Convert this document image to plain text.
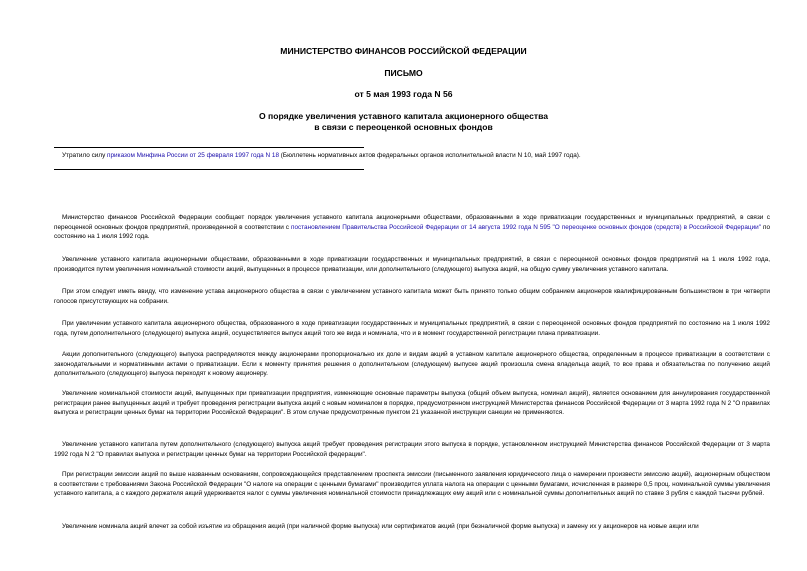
МИНИСТЕРСТВО ФИНАНСОВ РОССИЙСКОЙ ФЕДЕРАЦИИ
ПИСЬМО
от 5 мая 1993 года N 56
О порядке увеличения уставного капитала акционерного общества
в связи с переоценкой основных фондов
Утратило силу приказом Минфина России от 25 февраля 1997 года N 18 (Бюллетень нормативных актов федеральных органов исполнительной власти N 10, май 1997 года).

Министерство финансов Российской Федерации сообщает порядок увеличения уставного капитала акционерными обществами, образованными в ходе приватизации государственных и муниципальных предприятий, в связи с переоценкой основных фондов предприятий, произведенной в соответствии с постановлением Правительства Российской Федерации от 14 августа 1992 года N 595 "О переоценке основных фондов (средств) в Российской Федерации" по состоянию на 1 июля 1992 года.

Увеличение уставного капитала акционерными обществами, образованными в ходе приватизации государственных и муниципальных предприятий, в связи с переоценкой основных фондов предприятий на 1 июля 1992 года, производится путем увеличения номинальной стоимости акций, выпущенных в процессе приватизации, или дополнительного (следующего) выпуска акций, на общую сумму увеличения уставного капитала.

При этом следует иметь ввиду, что изменение устава акционерного общества в связи с увеличением уставного капитала может быть принято только общим собранием акционеров квалифицированным большинством в три четверти голосов присутствующих на собрании.

При увеличении уставного капитала акционерного общества, образованного в ходе приватизации государственных и муниципальных предприятий, в связи с переоценкой основных фондов предприятий по состоянию на 1 июля 1992 года, путем дополнительного (следующего) выпуска акций, осуществляется выпуск акций того же вида и номинала, что и в момент государственной регистрации плана приватизации.

Акции дополнительного (следующего) выпуска распределяются между акционерами пропорционально их доле и видам акций в уставном капитале акционерного общества, определенным в процессе приватизации в соответствии с законодательными и нормативными актами о приватизации. Если к моменту принятия решения о дополнительном (следующем) выпуске акций произошла смена владельца акций, то все права и обязательства по получению акций дополнительного (следующего) выпуска переходят к новому акционеру.

Увеличение номинальной стоимости акций, выпущенных при приватизации предприятия, изменяющие основные параметры выпуска (общий объем выпуска, номинал акций), является основанием для аннулирования государственной регистрации ранее выпущенных акций и требует проведения регистрации выпуска акций с новым номиналом в порядке, предусмотренном инструкцией Министерства финансов Российской Федерации от 3 марта 1992 года N 2 "О правилах выпуска и регистрации ценных бумаг на территории Российской Федерации". В этом случае предусмотренные пунктом 21 указанной инструкции санкции не применяются.

Увеличение уставного капитала путем дополнительного (следующего) выпуска акций требует проведения регистрации этого выпуска в порядке, установленном инструкцией Министерства финансов Российской Федерации от 3 марта 1992 года N 2 "О правилах выпуска и регистрации ценных бумаг на территории Российской федерации".

При регистрации эмиссии акций по выше названным основаниям, сопровождающейся представлением проспекта эмиссии (письменного заявления юридического лица о намерении произвести эмиссию акций), акционерным обществом в соответствии с требованиями Закона Российской Федерации "О налоге на операции с ценными бумагами" производится уплата налога на операции с ценными бумагами, исчисленная в размере 0,5 проц. номинальной суммы увеличения уставного капитала, а с каждого держателя акций удерживается налог с суммы увеличения номинальной стоимости принадлежащих ему акций или с номинальной суммы дополнительных акций по ставке 3 рубля с каждой тысячи рублей.

Увеличение номинала акций влечет за собой изъятие из обращения акций (при наличной форме выпуска) или сертификатов акций (при безналичной форме выпуска) и замену их у акционеров на новые акции или
